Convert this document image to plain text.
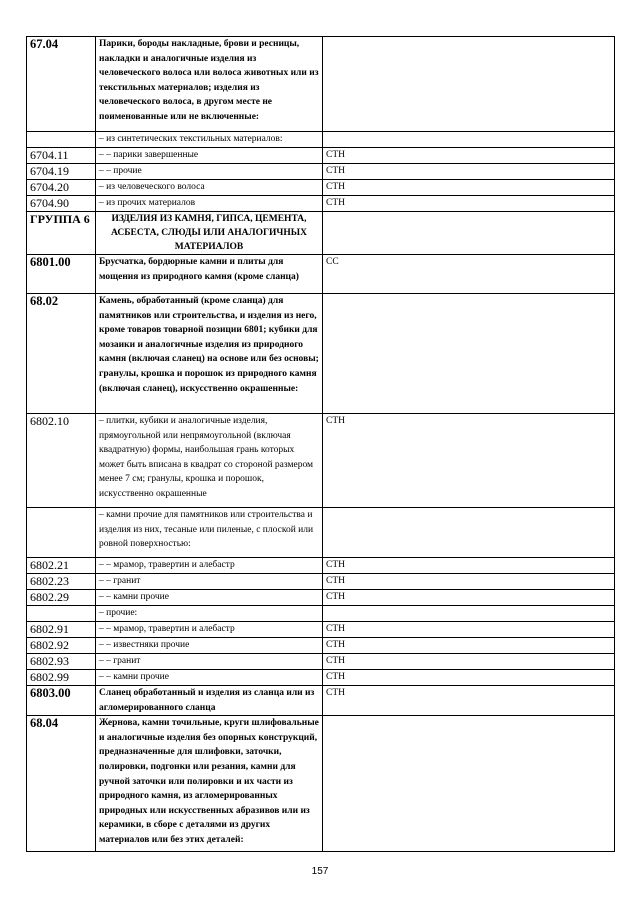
67.04	Парики, бороды накладные, брови и ресницы, накладки и аналогичные изделия из человеческого волоса или волоса животных или из текстильных материалов; изделия из человеческого волоса, в другом месте не поименованные или не включенные:	
	– из синтетических текстильных материалов:	
6704.11	– – парики завершенные	СТН
6704.19	– – прочие	СТН
6704.20	– из человеческого волоса	СТН
6704.90	– из прочих материалов	СТН
ГРУППА 6	ИЗДЕЛИЯ ИЗ КАМНЯ, ГИПСА, ЦЕМЕНТА, АСБЕСТА, СЛЮДЫ ИЛИ АНАЛОГИЧНЫХ МАТЕРИАЛОВ	
6801.00	Брусчатка, бордюрные камни и плиты для мощения из природного камня (кроме сланца)	СС
68.02	Камень, обработанный (кроме сланца) для памятников или строительства, и изделия из него, кроме товаров товарной позиции 6801; кубики для мозаики и аналогичные изделия из природного камня (включая сланец) на основе или без основы; гранулы, крошка и порошок из природного камня (включая сланец), искусственно окрашенные:	
6802.10	– плитки, кубики и аналогичные изделия, прямоугольной или непрямоугольной (включая квадратную) формы, наибольшая грань которых может быть вписана в квадрат со стороной размером менее 7 см; гранулы, крошка и порошок, искусственно окрашенные	СТН
	– камни прочие для памятников или строительства и изделия из них, тесаные или пиленые, с плоской или ровной поверхностью:	
6802.21	– – мрамор, травертин и алебастр	СТН
6802.23	– – гранит	СТН
6802.29	– – камни прочие	СТН
	– прочие:	
6802.91	– – мрамор, травертин и алебастр	СТН
6802.92	– – известняки прочие	СТН
6802.93	– – гранит	СТН
6802.99	– – камни прочие	СТН
6803.00	Сланец обработанный и изделия из сланца или из агломерированного сланца	СТН
68.04	Жернова, камни точильные, круги шлифовальные и аналогичные изделия без опорных конструкций, предназначенные для шлифовки, заточки, полировки, подгонки или резания, камни для ручной заточки или полировки и их части из природного камня, из агломерированных природных или искусственных абразивов или из керамики, в сборе с деталями из других материалов или без этих деталей:	
157
